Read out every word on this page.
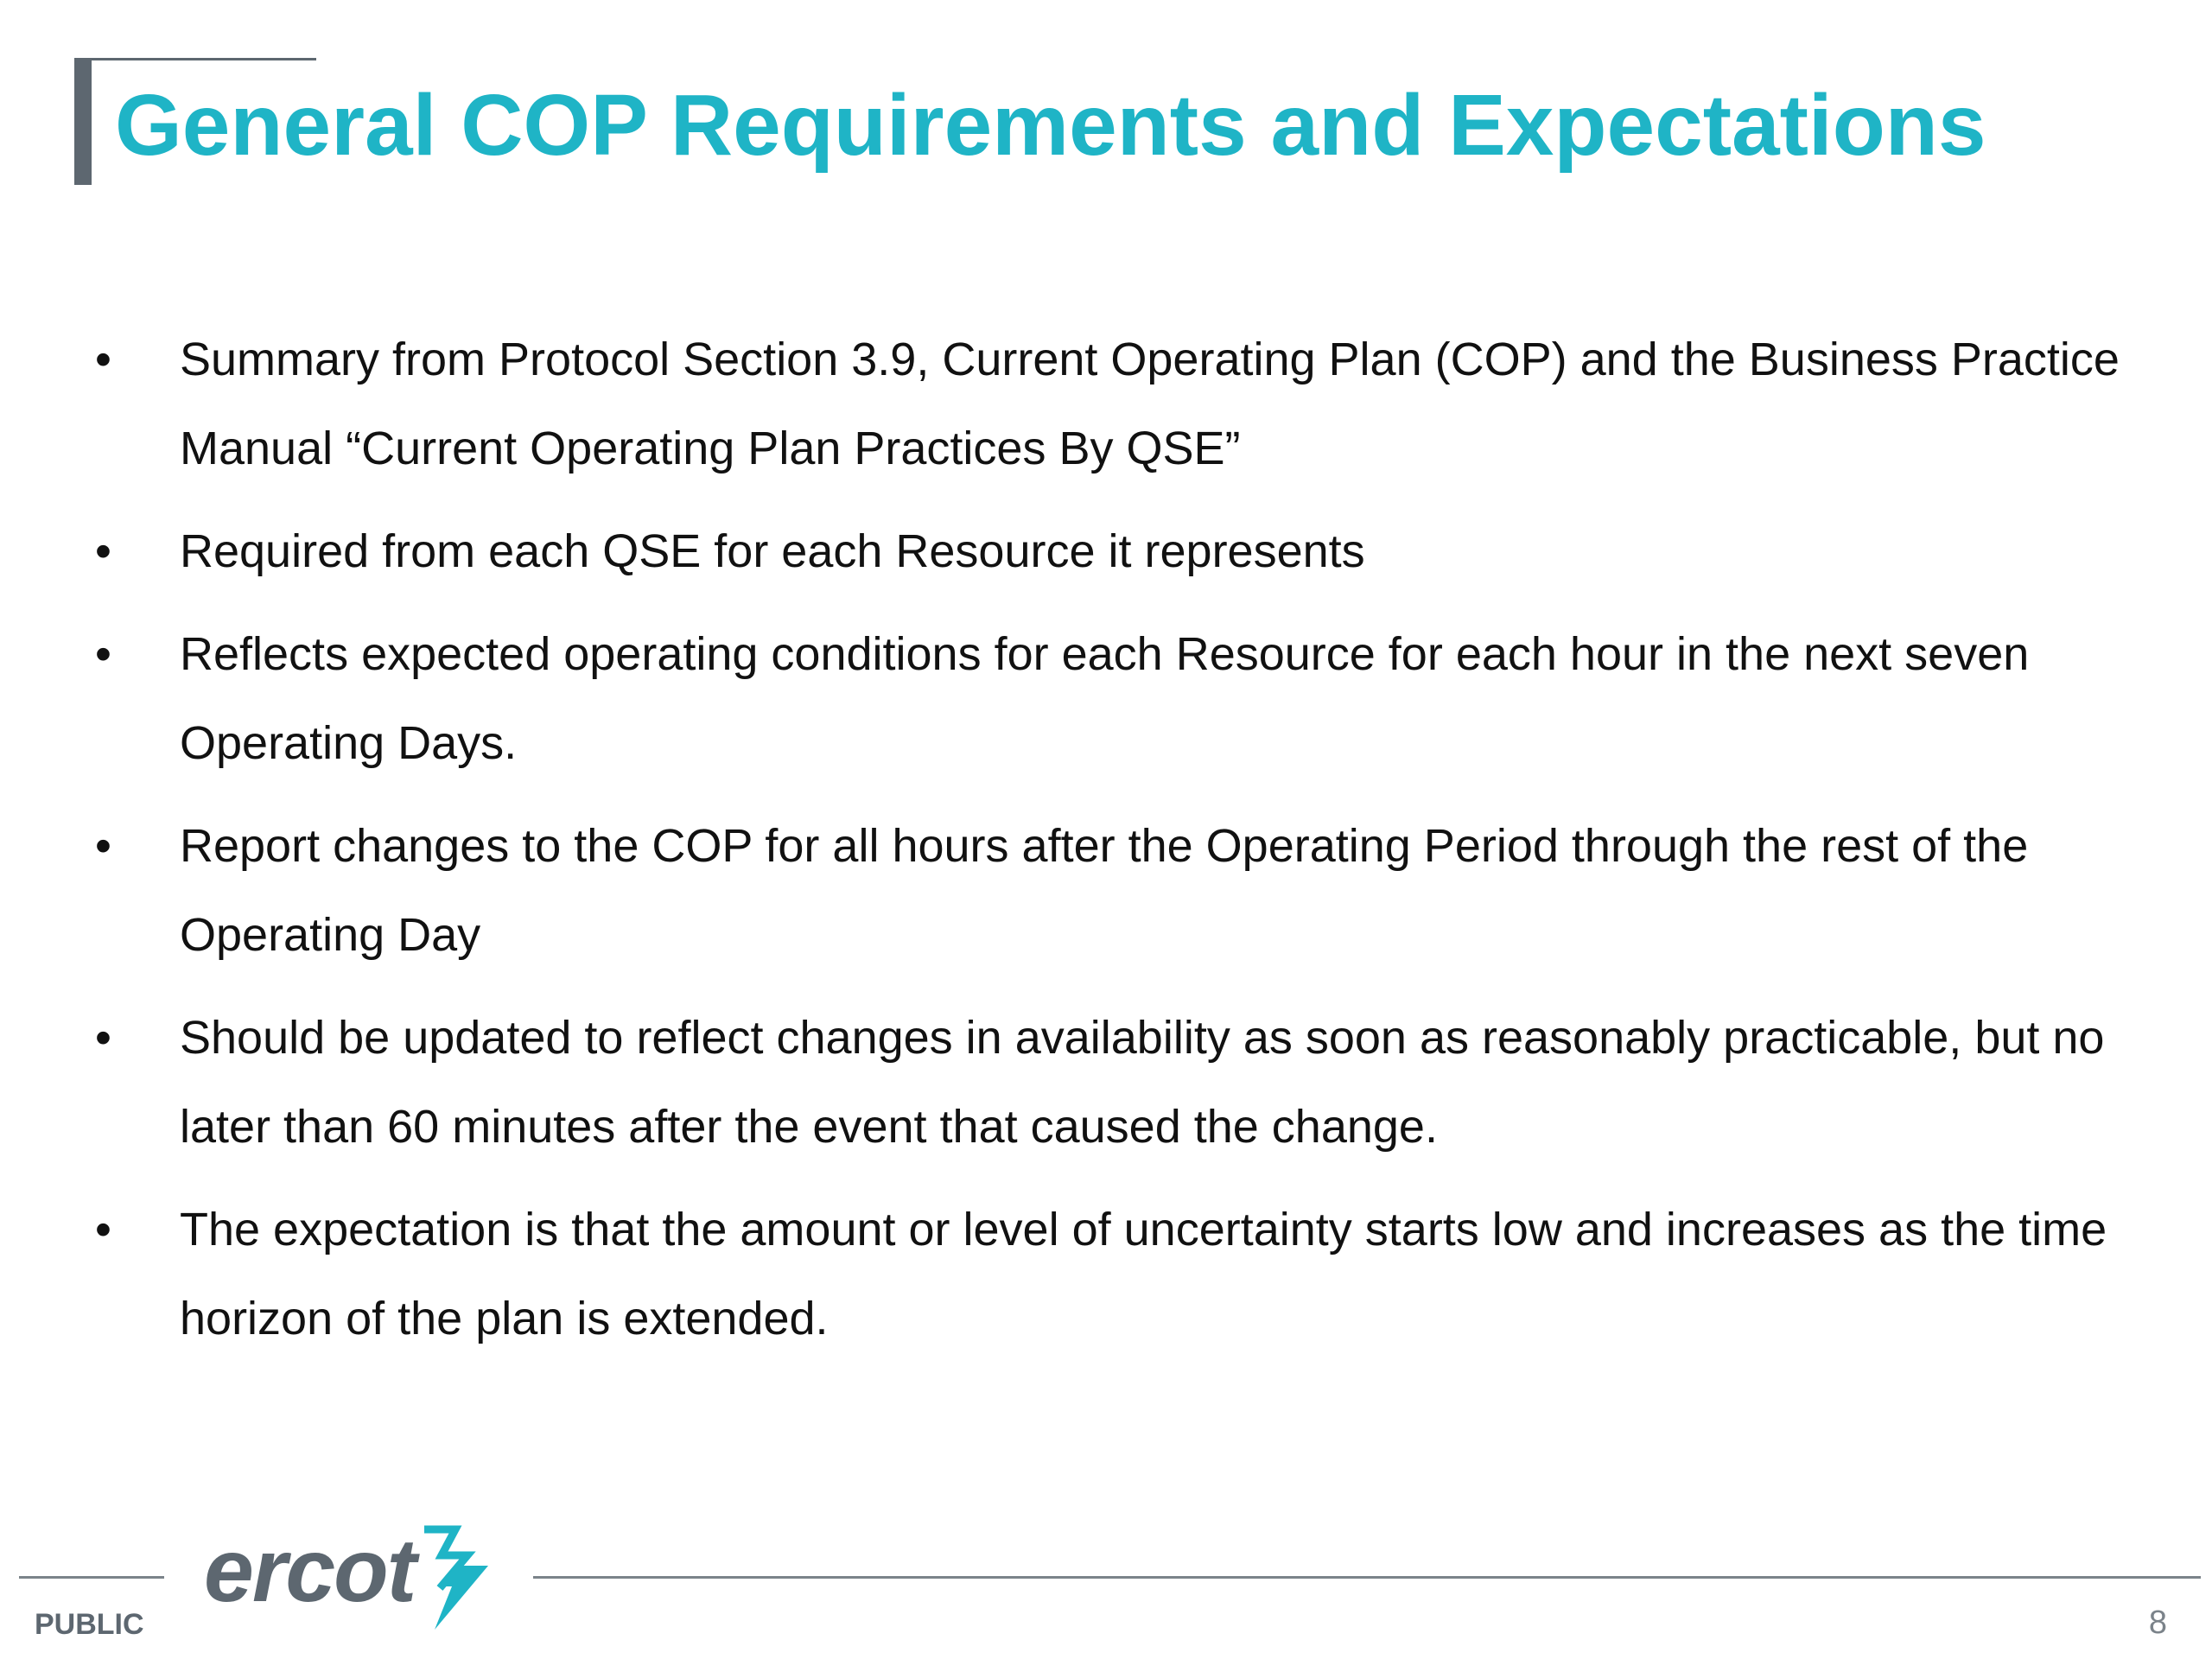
General COP Requirements and Expectations
•	Summary from Protocol Section 3.9, Current Operating Plan (COP) and the Business Practice Manual “Current Operating Plan Practices By QSE”
•	Required from each QSE for each Resource it represents
•	Reflects expected operating conditions for each Resource for each hour in the next seven Operating Days.
•	Report changes to the COP for all hours after the Operating Period through the rest of the Operating Day
•	Should be updated to reflect changes in availability as soon as reasonably practicable, but no later than 60 minutes after the event that caused the change.
•	The expectation is that the amount or level of uncertainty starts low and increases as the time horizon of the plan is extended.
ercot
PUBLIC	8
